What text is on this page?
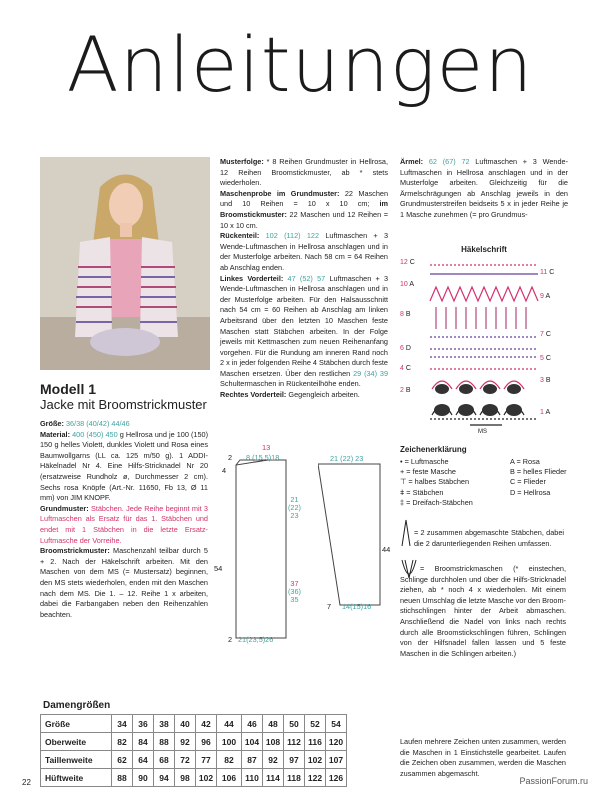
Anleitungen
Modell 1
Jacke mit Broomstrickmuster
Größe: 36/38 (40/42) 44/46
Material: 400 (450) 450 g Hellrosa und je 100 (150) 150 g helles Violett, dunkles Violett und Rosa eines Baumwollgarns (LL ca. 125 m/50 g). 1 ADDI-Häkelnadel Nr 4. Eine Hilfs-Stricknadel Nr 20 (ersatzweise Rundholz ø, Durchmesser 2 cm). Sechs rosa Knöpfe (Art.-Nr. 11650, Fb 13, Ø 11 mm) von JIM KNOPF.
Grundmuster: Stäbchen. Jede Reihe beginnt mit 3 Luftmaschen als Ersatz für das 1. Stäbchen und endet mit 1 Stäbchen in die letzte Ersatz-Luftmasche der Vorreihe.
Broomstrickmuster: Maschenzahl teilbar durch 5 + 2. Nach der Häkelschrift arbeiten. Mit den Maschen von dem MS (= Mustersatz) beginnen, den MS stets wiederholen, enden mit den Maschen nach dem MS. Die 1. – 12. Reihe 1 x arbeiten, dabei die Farbangaben neben den Reihenzahlen beachten.
Musterfolge: * 8 Reihen Grundmuster in Hellrosa, 12 Reihen Broomstickmuster, ab * stets wiederholen.
Maschenprobe im Grundmuster: 22 Maschen und 10 Reihen = 10 x 10 cm; im Broomstickmuster: 22 Maschen und 12 Reihen = 10 x 10 cm.
Rückenteil: 102 (112) 122 Luftmaschen + 3 Wende-Luftmaschen in Hellrosa anschlagen und in der Musterfolge arbeiten. Nach 58 cm = 64 Reihen ab Anschlag enden.
Linkes Vorderteil: 47 (52) 57 Luftmaschen + 3 Wende-Luftmaschen in Hellrosa anschlagen und in der Musterfolge arbeiten. Für den Halsausschnitt nach 54 cm = 60 Reihen ab Anschlag am linken Arbeitsrand über den letzten 10 Maschen feste Maschen statt Stäbchen arbeiten. In der Folge jeweils mit Kettmaschen zum neuen Reihenanfang vorgehen. Für die Rundung am inneren Rand noch 2 x in jeder folgenden Reihe 4 Stäbchen durch feste Maschen ersetzen. Über den restlichen 29 (34) 39 Schultermaschen in Rückenteilhöhe enden.
Rechtes Vorderteil: Gegengleich arbeiten.
Ärmel: 62 (67) 72 Luftmaschen + 3 Wende-Luftmaschen in Hellrosa anschlagen und in der Musterfolge arbeiten. Gleichzeitig für die Ärmelschrägungen ab Anschlag jeweils in den Grundmusterstreifen beidseits 5 x in jeder Reihe je 1 Masche zunehmen (= pro Grundmus-
Häkelschrift
12 C
10 A
8 B
6 D
4 C
2 B
11 C
9 A
7 C
5 C
3 B
1 A
MS
Zeichenerklärung
• = Luftmasche
+ = feste Masche
⊤ = halbes Stäbchen
ǂ = Stäbchen
‡ = Dreifach-Stäbchen
A = Rosa
B = helles Flieder
C = Flieder
D = Hellrosa
= 2 zusammen abgemaschte Stäbchen, dabei die 2 darunterliegenden Reihen umfassen.
= Broomstrickmaschen (* einstechen, Schlinge durchholen und über die Hilfs-Stricknadel ziehen, ab * noch 4 x wiederholen. Mit einem neuen Umschlag die letzte Masche vor den Broom-stichschlingen hinter der Arbeit abmaschen. Anschließend die Nadel von links nach rechts durch alle Broomstickschlingen führen, Schlingen von der Hilfsnadel fallen lassen und 5 feste Maschen in die Schlingen arbeiten.)
Laufen mehrere Zeichen unten zusammen, werden die Maschen in 1 Einstichstelle gearbeitet. Laufen die Zeichen oben zusammen, werden die Maschen zusammen abgemascht.
13
2 8 (15,5)18
4
21
(22)
23
54
37
(36)
35
2 21(23,5)26
21 (22) 23
44
7 14(15)16
Damengrößen
Größe	34	36	38	40	42	44	46	48	50	52	54
Oberweite	82	84	88	92	96	100	104	108	112	116	120
Taillenweite	62	64	68	72	77	82	87	92	97	102	107
Hüftweite	88	90	94	98	102	106	110	114	118	122	126
22	PassionForum.ru
